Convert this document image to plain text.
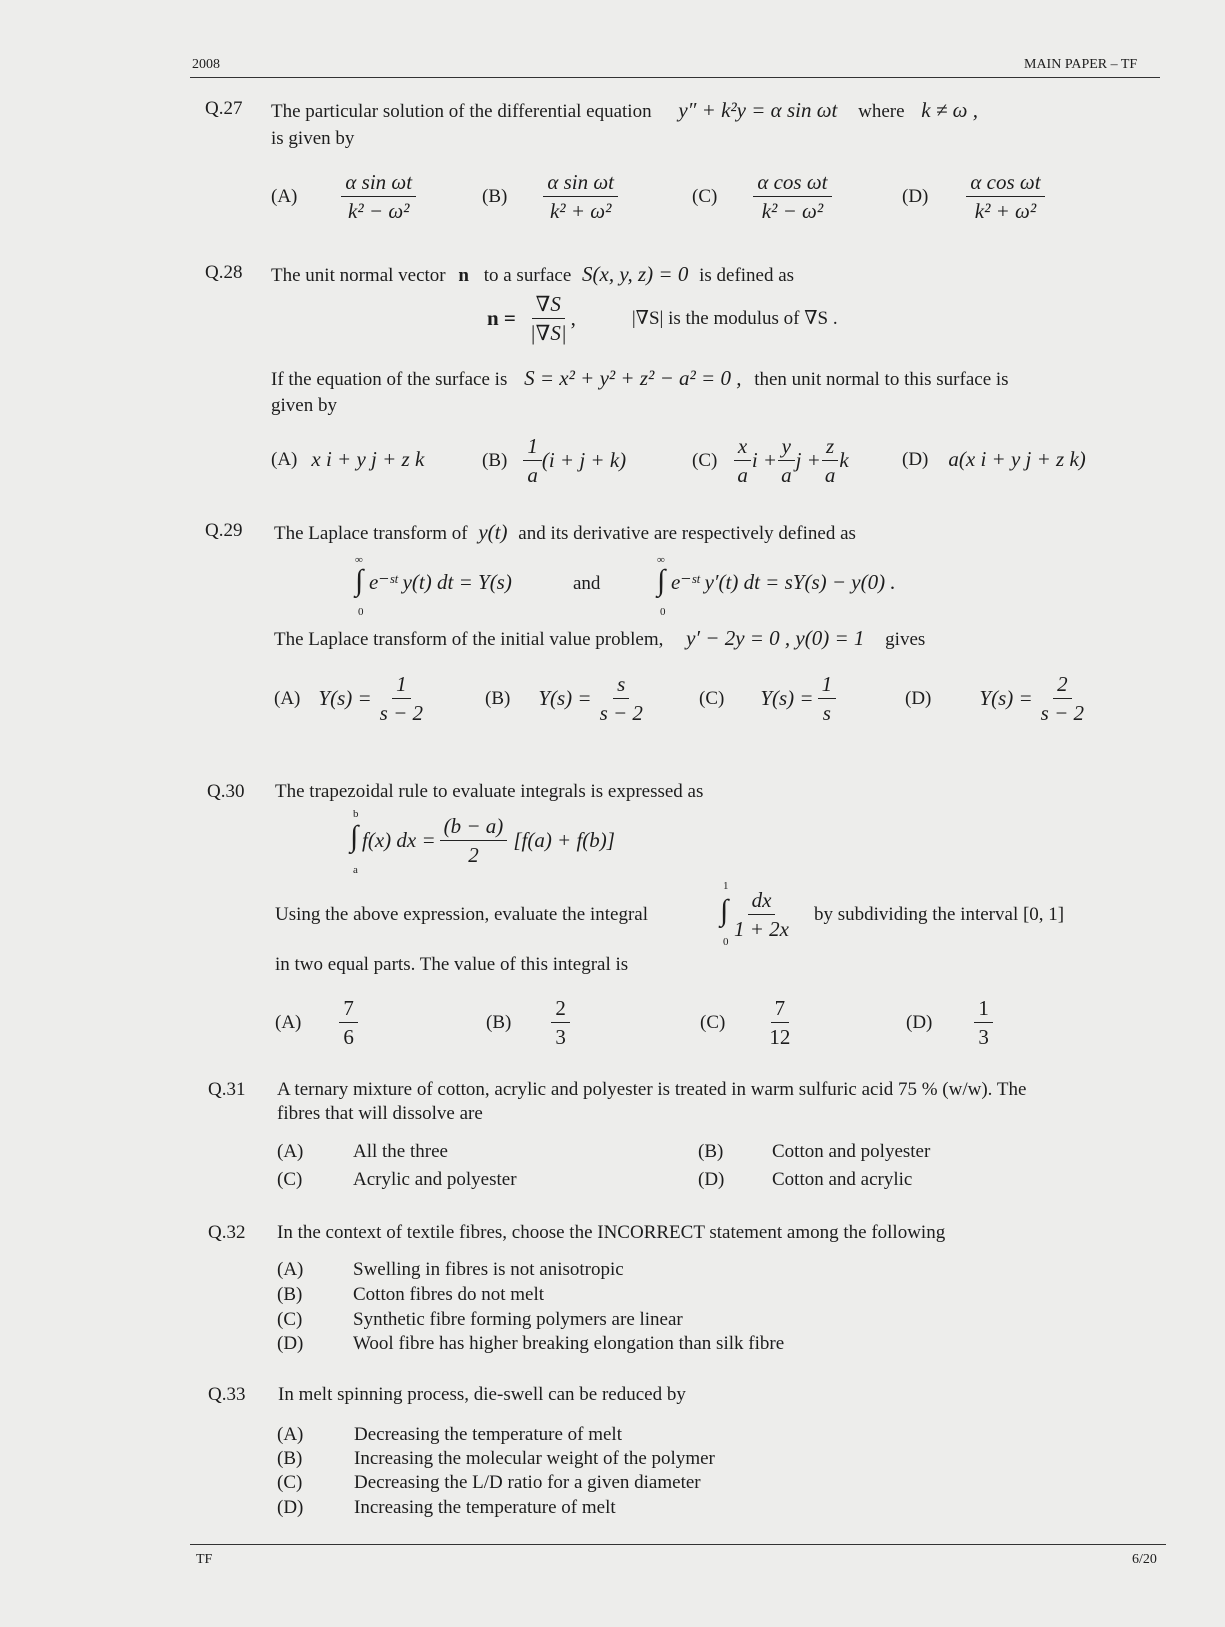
2008	MAIN PAPER – TF
Q.27 The particular solution of the differential equation y″ + k²y = α sin ωt where k ≠ ω ,
is given by
$(A) \frac{\text{α sin ωt}}{\text{k² − ω²}}$	$(B) \frac{\text{α sin ωt}}{\text{k² + ω²}}$	$(C) \frac{\text{α cos ωt}}{\text{k² − ω²}}$	$(D) \frac{\text{α cos ωt}}{\text{k² + ω²}}$
Q.28 The unit normal vector n to a surface S(x, y, z) = 0 is defined as
$n = \frac{\nabla S}{|\nabla S|}$ ,	|∇S| is the modulus of ∇S .
If the equation of the surface is S = x² + y² + z² − a² = 0 , then unit normal to this surface is
given by
(A) x i + y j + z k	$(B) \frac{1}{a} (i + j + k)$	$(C) \frac{x}{a}$ $i + \frac{y}{a}$ $j + \frac{z}{a}$ k	(D) a(x i + y j + z k)
Q.29 The Laplace transform of y(t) and its derivative are respectively defined as
∞
∫
0
e⁻ˢᵗ y(t) dt = Y(s)	and
∞
∫
0
e⁻ˢᵗ y′(t) dt = sY(s) − y(0) .
The Laplace transform of the initial value problem, y′ − 2y = 0 , y(0) = 1 gives
(A) $Y(s) = \frac{1}{s - 2}$	(B) $Y(s) = \frac{s}{s - 2}$	(C) $Y(s) = \frac{1}{s}$	(D) $Y(s) = \frac{2}{s - 2}$
Q.30 The trapezoidal rule to evaluate integrals is expressed as
b
∫
a
f(x) dx = $\frac{(b - a)}{2} [f(a) + f(b)]$
Using the above expression, evaluate the integral
1
∫
0
$\frac{dx}{1 + 2x}$ by subdividing the interval [0, 1]
in two equal parts. The value of this integral is
$(A) \frac{7}{6}$	$(B) \frac{2}{3}$	$(C) \frac{7}{12}$	$(D) \frac{1}{3}$
Q.31 A ternary mixture of cotton, acrylic and polyester is treated in warm sulfuric acid 75 % (w/w). The
fibres that will dissolve are
(A)	All the three	(B)	Cotton and polyester
(C)	Acrylic and polyester	(D)	Cotton and acrylic
Q.32 In the context of textile fibres, choose the INCORRECT statement among the following
(A)	Swelling in fibres is not anisotropic
(B)	Cotton fibres do not melt
(C)	Synthetic fibre forming polymers are linear
(D)	Wool fibre has higher breaking elongation than silk fibre
Q.33 In melt spinning process, die-swell can be reduced by
(A)	Decreasing the temperature of melt
(B)	Increasing the molecular weight of the polymer
(C)	Decreasing the L/D ratio for a given diameter
(D)	Increasing the temperature of melt
TF	6/20
